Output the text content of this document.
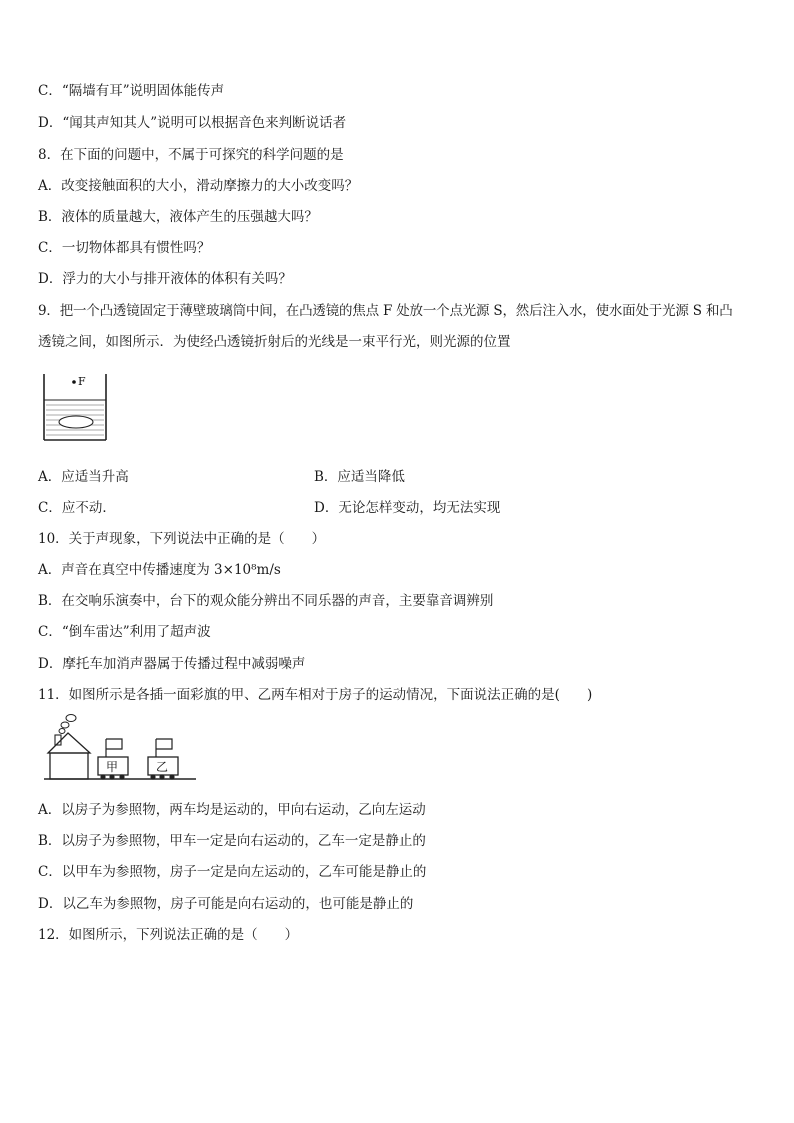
C．“隔墙有耳”说明固体能传声
D．“闻其声知其人”说明可以根据音色来判断说话者
8．在下面的问题中，不属于可探究的科学问题的是
A．改变接触面积的大小，滑动摩擦力的大小改变吗？
B．液体的质量越大，液体产生的压强越大吗？
C．一切物体都具有惯性吗？
D．浮力的大小与排开液体的体积有关吗？
9．把一个凸透镜固定于薄壁玻璃筒中间，在凸透镜的焦点 F 处放一个点光源 S，然后注入水，使水面处于光源 S 和凸
透镜之间，如图所示．为使经凸透镜折射后的光线是一束平行光，则光源的位置
F
A．应适当升高	B．应适当降低
C．应不动．	D．无论怎样变动，均无法实现
10．关于声现象，下列说法中正确的是（　　）
A．声音在真空中传播速度为 3×10⁸m/s
B．在交响乐演奏中，台下的观众能分辨出不同乐器的声音，主要靠音调辨别
C．“倒车雷达”利用了超声波
D．摩托车加消声器属于传播过程中减弱噪声
11．如图所示是各插一面彩旗的甲、乙两车相对于房子的运动情况，下面说法正确的是(　　)
甲	乙
A．以房子为参照物，两车均是运动的，甲向右运动，乙向左运动
B．以房子为参照物，甲车一定是向右运动的，乙车一定是静止的
C．以甲车为参照物，房子一定是向左运动的，乙车可能是静止的
D．以乙车为参照物，房子可能是向右运动的，也可能是静止的
12．如图所示，下列说法正确的是（　　）
